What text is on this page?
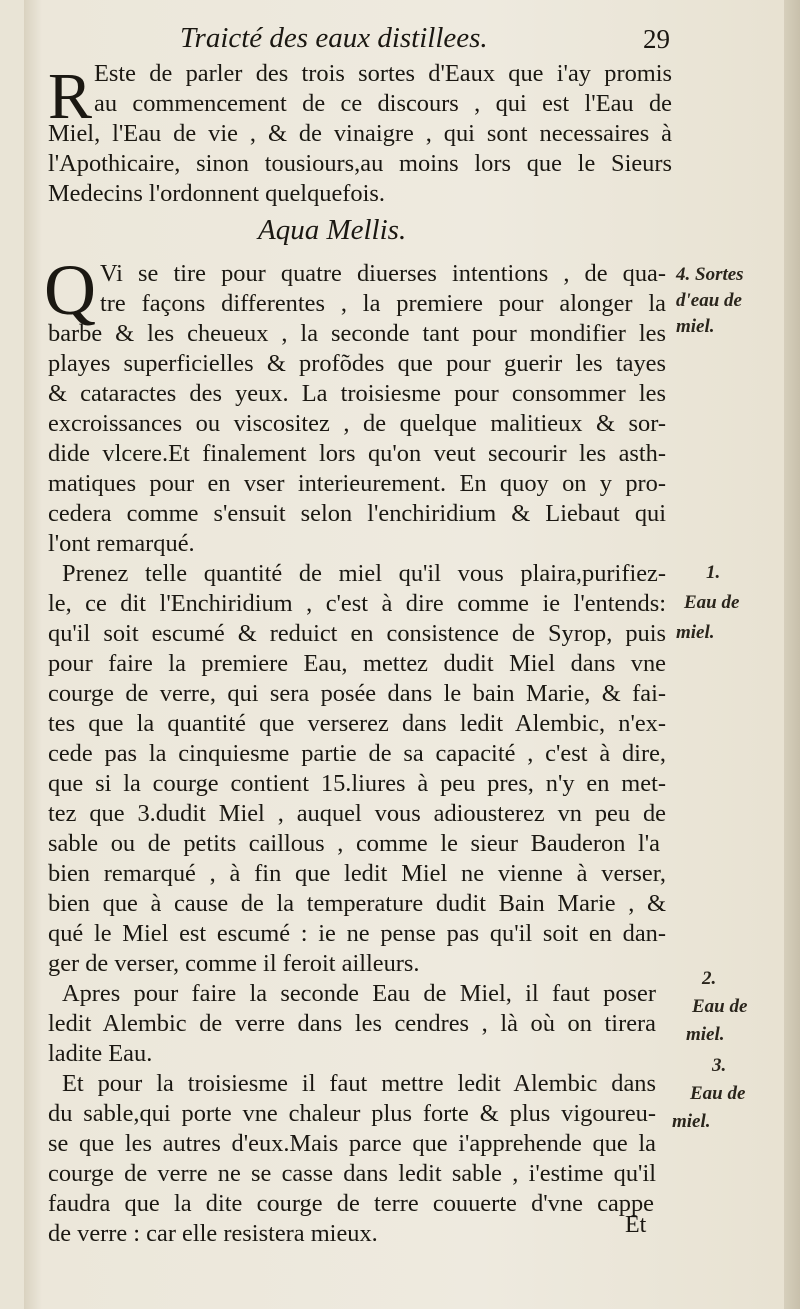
Traicté des eaux distillees.	29
R Este de parler des trois sortes d'Eaux que i'ay promis
au commencement de ce discours , qui est l'Eau de
Miel, l'Eau de vie , & de vinaigre , qui sont necessaires à
l'Apothicaire, sinon tousiours,au moins lors que le Sieurs
Medecins l'ordonnent quelquefois.
Aqua Mellis.
Q Vi se tire pour quatre diuerses intentions , de qua-
tre façons differentes , la premiere pour alonger la
barbe & les cheueux , la seconde tant pour mondifier les
playes superficielles & profõdes que pour guerir les tayes
& cataractes des yeux. La troisiesme pour consommer les
excroissances ou viscositez , de quelque malitieux & sor-
dide vlcere.Et finalement lors qu'on veut secourir les asth-
matiques pour en vser interieurement. En quoy on y pro-
cedera comme s'ensuit selon l'enchiridium & Liebaut qui
l'ont remarqué.
Prenez telle quantité de miel qu'il vous plaira,purifiez-
le, ce dit l'Enchiridium , c'est à dire comme ie l'entends:
qu'il soit escumé & reduict en consistence de Syrop, puis
pour faire la premiere Eau, mettez dudit Miel dans vne
courge de verre, qui sera posée dans le bain Marie, & fai-
tes que la quantité que verserez dans ledit Alembic, n'ex-
cede pas la cinquiesme partie de sa capacité , c'est à dire,
que si la courge contient 15.liures à peu pres, n'y en met-
tez que 3.dudit Miel , auquel vous adiousterez vn peu de
sable ou de petits caillous , comme le sieur Bauderon l'a
bien remarqué , à fin que ledit Miel ne vienne à verser,
bien que à cause de la temperature dudit Bain Marie , &
qué le Miel est escumé : ie ne pense pas qu'il soit en dan-
ger de verser, comme il feroit ailleurs.
Apres pour faire la seconde Eau de Miel, il faut poser
ledit Alembic de verre dans les cendres , là où on tirera
ladite Eau.
Et pour la troisiesme il faut mettre ledit Alembic dans
du sable,qui porte vne chaleur plus forte & plus vigoureu-
se que les autres d'eux.Mais parce que i'apprehende que la
courge de verre ne se casse dans ledit sable , i'estime qu'il
faudra que la dite courge de terre couuerte d'vne cappe
de verre : car elle resistera mieux.
4. Sortes
d'eau de
miel.
1.
Eau de
miel.
2.
Eau de
miel.
3.
Eau de
miel.
Et
